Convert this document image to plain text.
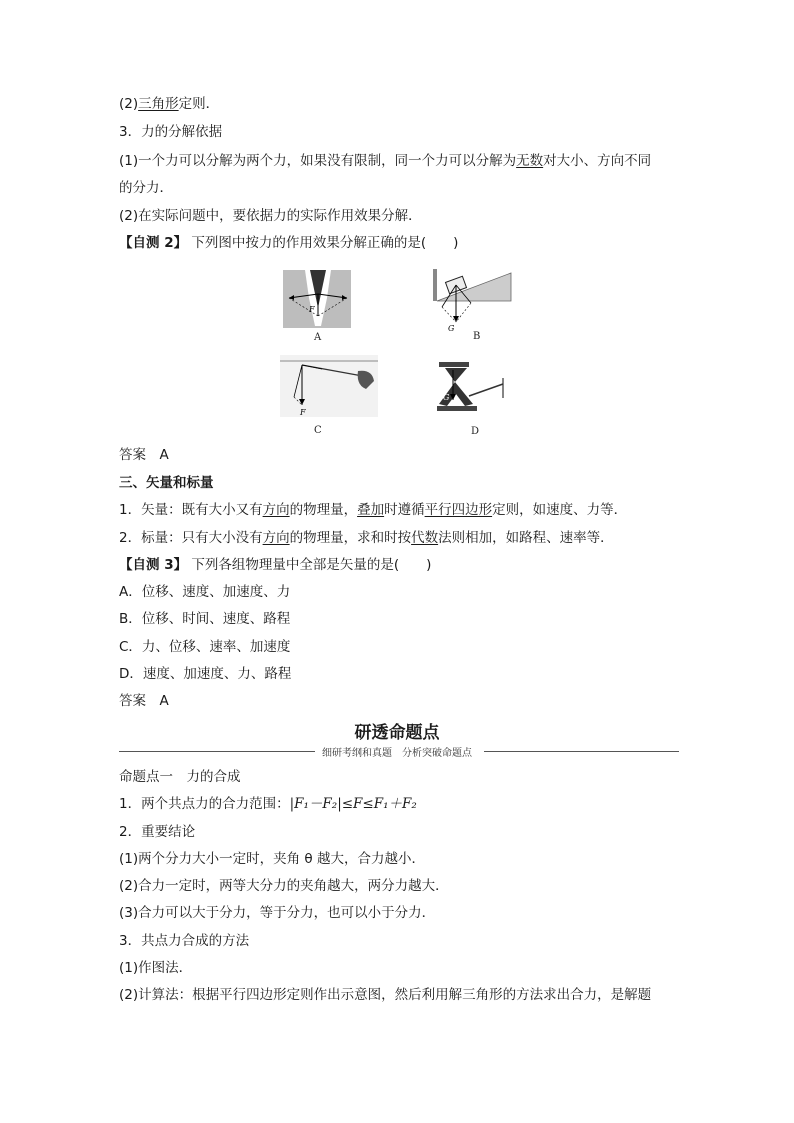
(2)三角形定则．
3．力的分解依据
(1)一个力可以分解为两个力，如果没有限制，同一个力可以分解为无数对大小、方向不同
的分力．
(2)在实际问题中，要依据力的实际作用效果分解．
【自测 2】 下列图中按力的作用效果分解正确的是(　　)
F
A
G
B
F
C
G
D
答案　A
三、矢量和标量
1．矢量：既有大小又有方向的物理量，叠加时遵循平行四边形定则，如速度、力等．
2．标量：只有大小没有方向的物理量，求和时按代数法则相加，如路程、速率等．
【自测 3】 下列各组物理量中全部是矢量的是(　　)
A．位移、速度、加速度、力
B．位移、时间、速度、路程
C．力、位移、速率、加速度
D．速度、加速度、力、路程
答案　A
研透命题点
细研考纲和真题　分析突破命题点
命题点一　力的合成
1．两个共点力的合力范围：|F₁－F₂|≤F≤F₁＋F₂
2．重要结论
(1)两个分力大小一定时，夹角 θ 越大，合力越小．
(2)合力一定时，两等大分力的夹角越大，两分力越大．
(3)合力可以大于分力，等于分力，也可以小于分力．
3．共点力合成的方法
(1)作图法．
(2)计算法：根据平行四边形定则作出示意图，然后利用解三角形的方法求出合力，是解题
